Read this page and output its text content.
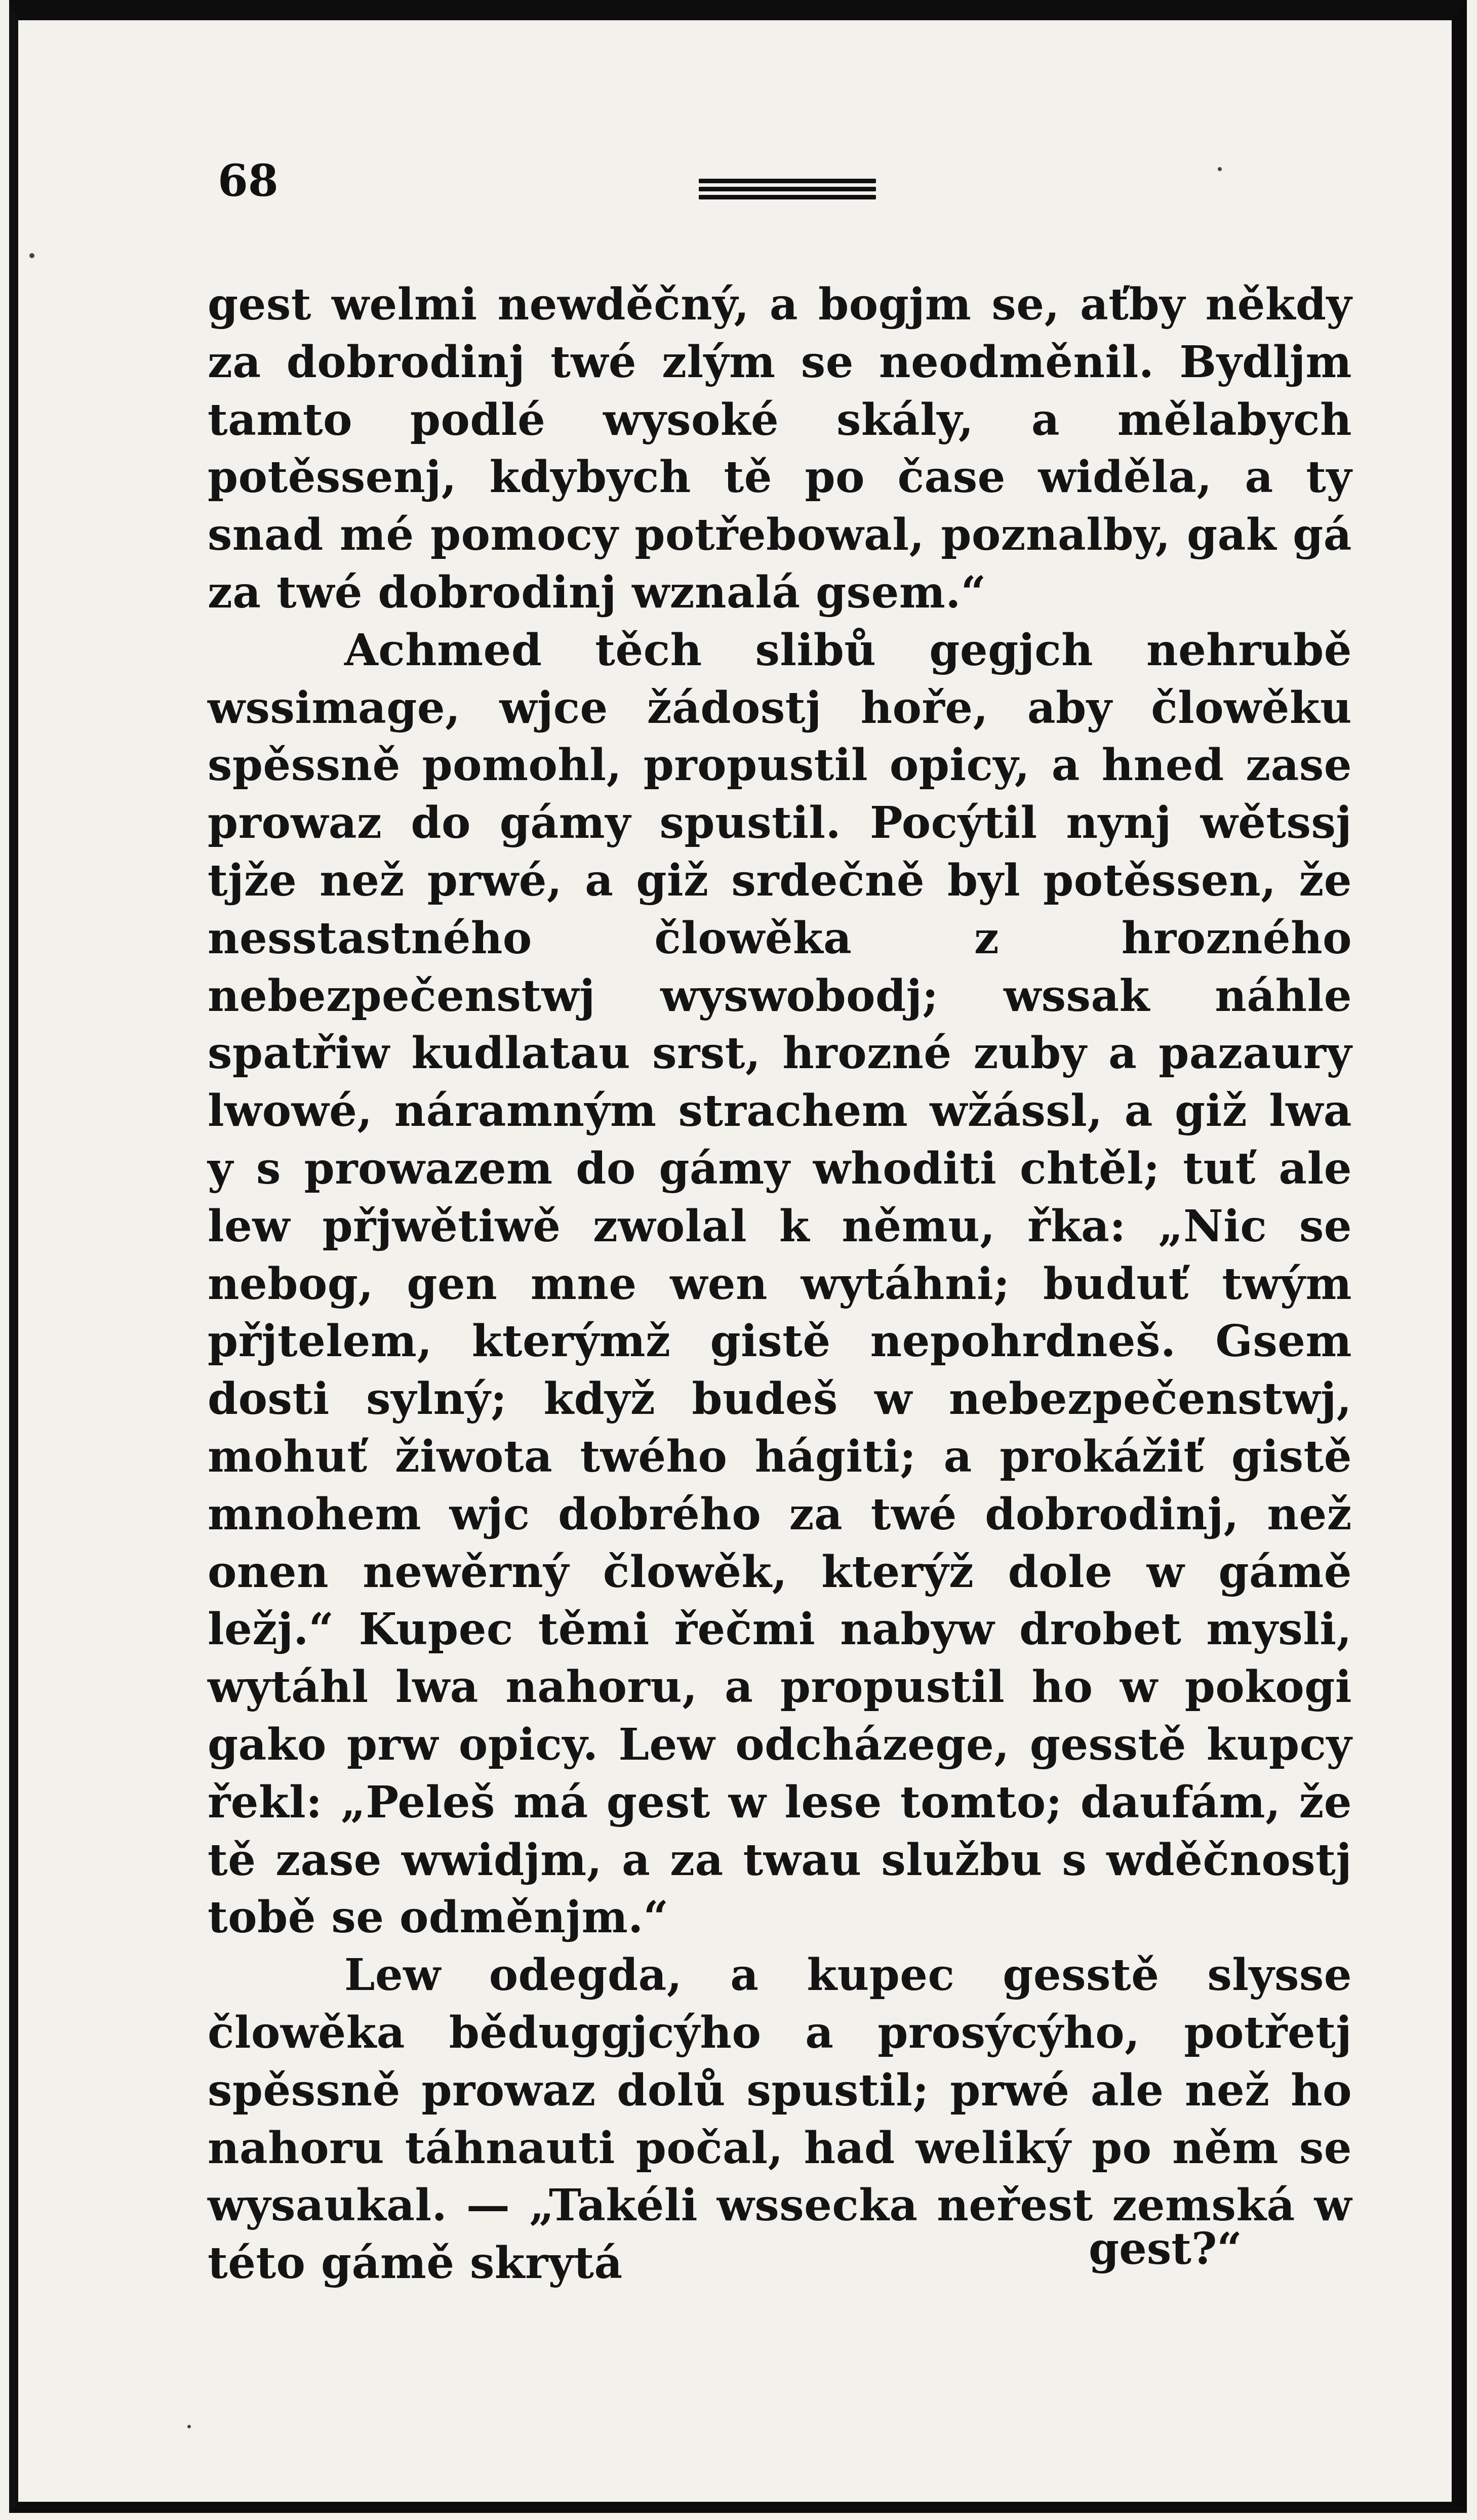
68

gest welmi newděčný, a bogjm se, aťby někdy za dobrodinj twé zlým se neodměnil. Bydljm tamto podlé wysoké skály, a mělabych potěssenj, kdybych tě po čase widěla, a ty snad mé pomocy potřebowal, poznalby, gak gá za twé dobrodinj wznalá gsem.“

Achmed těch slibů gegjch nehrubě wssimage, wjce žádostj hoře, aby člowěku spěssně pomohl, propustil opicy, a hned zase prowaz do gámy spustil. Pocýtil nynj wětssj tjže než prwé, a giž srdečně byl potěssen, že nesstastného člowěka z hrozného nebezpečenstwj wyswobodj; wssak náhle spatřiw kudlatau srst, hrozné zuby a pazaury lwowé, náramným strachem wžássl, a giž lwa y s prowazem do gámy whoditi chtěl; tuť ale lew přjwětiwě zwolal k němu, řka: „Nic se nebog, gen mne wen wytáhni; buduť twým přjtelem, kterýmž gistě nepohrdneš. Gsem dosti sylný; když budeš w nebezpečenstwj, mohuť žiwota twého hágiti; a prokážiť gistě mnohem wjc dobrého za twé dobrodinj, než onen newěrný člowěk, kterýž dole w gámě ležj.“ Kupec těmi řečmi nabyw drobet mysli, wytáhl lwa nahoru, a propustil ho w pokogi gako prw opicy. Lew odcházege, gesstě kupcy řekl: „Peleš má gest w lese tomto; daufám, že tě zase wwidjm, a za twau službu s wděčnostj tobě se odměnjm.“

Lew odegda, a kupec gesstě slysse člowěka běduggjcýho a prosýcýho, potřetj spěssně prowaz dolů spustil; prwé ale než ho nahoru táhnauti počal, had weliký po něm se wysaukal. — „Takéli wssecka neřest zemská w této gámě skrytá	gest?“
